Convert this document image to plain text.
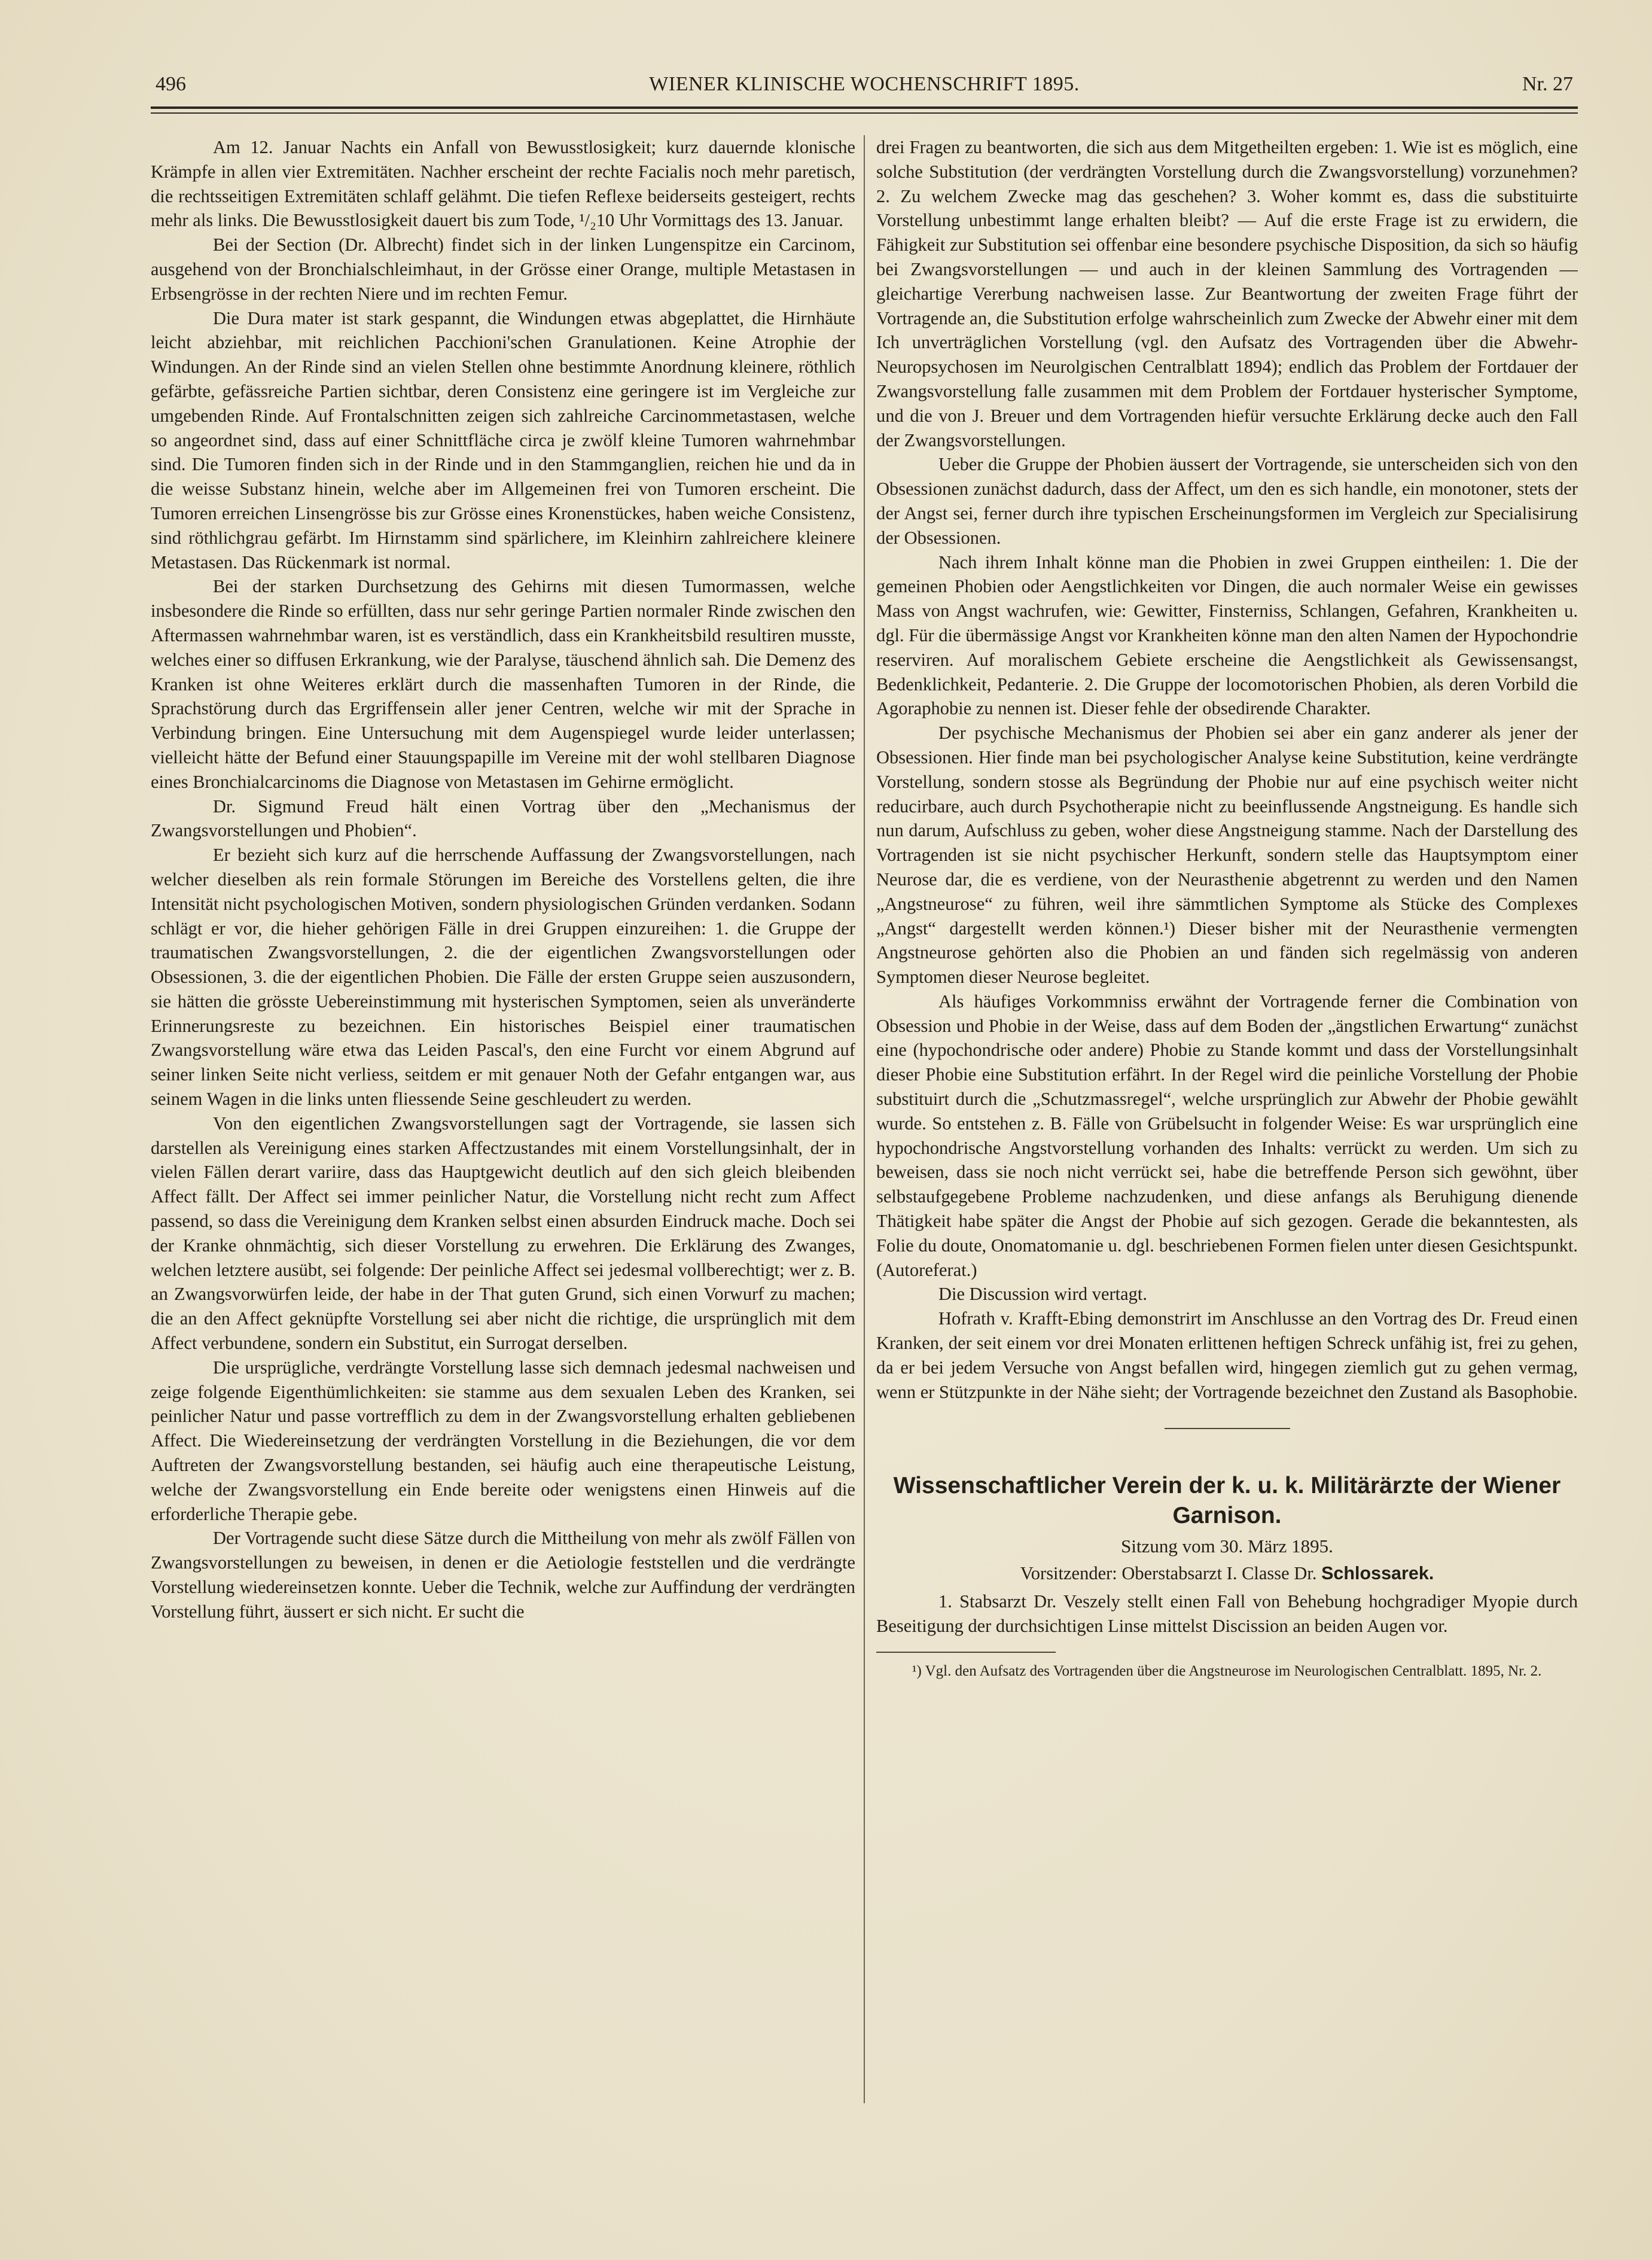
496	WIENER KLINISCHE WOCHENSCHRIFT 1895.	Nr. 27

Am 12. Januar Nachts ein Anfall von Bewusstlosigkeit; kurz dauernde klonische Krämpfe in allen vier Extremitäten. Nachher erscheint der rechte Facialis noch mehr paretisch, die rechtsseitigen Extremitäten schlaff gelähmt. Die tiefen Reflexe beiderseits gesteigert, rechts mehr als links. Die Bewusstlosigkeit dauert bis zum Tode, ¹/₂10 Uhr Vormittags des 13. Januar.

Bei der Section (Dr. Albrecht) findet sich in der linken Lungenspitze ein Carcinom, ausgehend von der Bronchialschleimhaut, in der Grösse einer Orange, multiple Metastasen in Erbsengrösse in der rechten Niere und im rechten Femur.

Die Dura mater ist stark gespannt, die Windungen etwas abgeplattet, die Hirnhäute leicht abziehbar, mit reichlichen Pacchioni'schen Granulationen. Keine Atrophie der Windungen. An der Rinde sind an vielen Stellen ohne bestimmte Anordnung kleinere, röthlich gefärbte, gefässreiche Partien sichtbar, deren Consistenz eine geringere ist im Vergleiche zur umgebenden Rinde. Auf Frontalschnitten zeigen sich zahlreiche Carcinommetastasen, welche so angeordnet sind, dass auf einer Schnittfläche circa je zwölf kleine Tumoren wahrnehmbar sind. Die Tumoren finden sich in der Rinde und in den Stammganglien, reichen hie und da in die weisse Substanz hinein, welche aber im Allgemeinen frei von Tumoren erscheint. Die Tumoren erreichen Linsengrösse bis zur Grösse eines Kronenstückes, haben weiche Consistenz, sind röthlichgrau gefärbt. Im Hirnstamm sind spärlichere, im Kleinhirn zahlreichere kleinere Metastasen. Das Rückenmark ist normal.

Bei der starken Durchsetzung des Gehirns mit diesen Tumormassen, welche insbesondere die Rinde so erfüllten, dass nur sehr geringe Partien normaler Rinde zwischen den Aftermassen wahrnehmbar waren, ist es verständlich, dass ein Krankheitsbild resultiren musste, welches einer so diffusen Erkrankung, wie der Paralyse, täuschend ähnlich sah. Die Demenz des Kranken ist ohne Weiteres erklärt durch die massenhaften Tumoren in der Rinde, die Sprachstörung durch das Ergriffensein aller jener Centren, welche wir mit der Sprache in Verbindung bringen. Eine Untersuchung mit dem Augenspiegel wurde leider unterlassen; vielleicht hätte der Befund einer Stauungspapille im Vereine mit der wohl stellbaren Diagnose eines Bronchialcarcinoms die Diagnose von Metastasen im Gehirne ermöglicht.

Dr. Sigmund Freud hält einen Vortrag über den „Mechanismus der Zwangsvorstellungen und Phobien“.

Er bezieht sich kurz auf die herrschende Auffassung der Zwangsvorstellungen, nach welcher dieselben als rein formale Störungen im Bereiche des Vorstellens gelten, die ihre Intensität nicht psychologischen Motiven, sondern physiologischen Gründen verdanken. Sodann schlägt er vor, die hieher gehörigen Fälle in drei Gruppen einzureihen: 1. die Gruppe der traumatischen Zwangsvorstellungen, 2. die der eigentlichen Zwangsvorstellungen oder Obsessionen, 3. die der eigentlichen Phobien. Die Fälle der ersten Gruppe seien auszusondern, sie hätten die grösste Uebereinstimmung mit hysterischen Symptomen, seien als unveränderte Erinnerungsreste zu bezeichnen. Ein historisches Beispiel einer traumatischen Zwangsvorstellung wäre etwa das Leiden Pascal's, den eine Furcht vor einem Abgrund auf seiner linken Seite nicht verliess, seitdem er mit genauer Noth der Gefahr entgangen war, aus seinem Wagen in die links unten fliessende Seine geschleudert zu werden.

Von den eigentlichen Zwangsvorstellungen sagt der Vortragende, sie lassen sich darstellen als Vereinigung eines starken Affectzustandes mit einem Vorstellungsinhalt, der in vielen Fällen derart variire, dass das Hauptgewicht deutlich auf den sich gleich bleibenden Affect fällt. Der Affect sei immer peinlicher Natur, die Vorstellung nicht recht zum Affect passend, so dass die Vereinigung dem Kranken selbst einen absurden Eindruck mache. Doch sei der Kranke ohnmächtig, sich dieser Vorstellung zu erwehren. Die Erklärung des Zwanges, welchen letztere ausübt, sei folgende: Der peinliche Affect sei jedesmal vollberechtigt; wer z. B. an Zwangsvorwürfen leide, der habe in der That guten Grund, sich einen Vorwurf zu machen; die an den Affect geknüpfte Vorstellung sei aber nicht die richtige, die ursprünglich mit dem Affect verbundene, sondern ein Substitut, ein Surrogat derselben.

Die ursprügliche, verdrängte Vorstellung lasse sich demnach jedesmal nachweisen und zeige folgende Eigenthümlichkeiten: sie stamme aus dem sexualen Leben des Kranken, sei peinlicher Natur und passe vortrefflich zu dem in der Zwangsvorstellung erhalten gebliebenen Affect. Die Wiedereinsetzung der verdrängten Vorstellung in die Beziehungen, die vor dem Auftreten der Zwangsvorstellung bestanden, sei häufig auch eine therapeutische Leistung, welche der Zwangsvorstellung ein Ende bereite oder wenigstens einen Hinweis auf die erforderliche Therapie gebe.

Der Vortragende sucht diese Sätze durch die Mittheilung von mehr als zwölf Fällen von Zwangsvorstellungen zu beweisen, in denen er die Aetiologie feststellen und die verdrängte Vorstellung wiedereinsetzen konnte. Ueber die Technik, welche zur Auffindung der verdrängten Vorstellung führt, äussert er sich nicht. Er sucht die

drei Fragen zu beantworten, die sich aus dem Mitgetheilten ergeben: 1. Wie ist es möglich, eine solche Substitution (der verdrängten Vorstellung durch die Zwangsvorstellung) vorzunehmen? 2. Zu welchem Zwecke mag das geschehen? 3. Woher kommt es, dass die substituirte Vorstellung unbestimmt lange erhalten bleibt? — Auf die erste Frage ist zu erwidern, die Fähigkeit zur Substitution sei offenbar eine besondere psychische Disposition, da sich so häufig bei Zwangsvorstellungen — und auch in der kleinen Sammlung des Vortragenden — gleichartige Vererbung nachweisen lasse. Zur Beantwortung der zweiten Frage führt der Vortragende an, die Substitution erfolge wahrscheinlich zum Zwecke der Abwehr einer mit dem Ich unverträglichen Vorstellung (vgl. den Aufsatz des Vortragenden über die Abwehr-Neuropsychosen im Neurolgischen Centralblatt 1894); endlich das Problem der Fortdauer der Zwangsvorstellung falle zusammen mit dem Problem der Fortdauer hysterischer Symptome, und die von J. Breuer und dem Vortragenden hiefür versuchte Erklärung decke auch den Fall der Zwangsvorstellungen.

Ueber die Gruppe der Phobien äussert der Vortragende, sie unterscheiden sich von den Obsessionen zunächst dadurch, dass der Affect, um den es sich handle, ein monotoner, stets der der Angst sei, ferner durch ihre typischen Erscheinungsformen im Vergleich zur Specialisirung der Obsessionen.

Nach ihrem Inhalt könne man die Phobien in zwei Gruppen eintheilen: 1. Die der gemeinen Phobien oder Aengstlichkeiten vor Dingen, die auch normaler Weise ein gewisses Mass von Angst wachrufen, wie: Gewitter, Finsterniss, Schlangen, Gefahren, Krankheiten u. dgl. Für die übermässige Angst vor Krankheiten könne man den alten Namen der Hypochondrie reserviren. Auf moralischem Gebiete erscheine die Aengstlichkeit als Gewissensangst, Bedenklichkeit, Pedanterie. 2. Die Gruppe der locomotorischen Phobien, als deren Vorbild die Agoraphobie zu nennen ist. Dieser fehle der obsedirende Charakter.

Der psychische Mechanismus der Phobien sei aber ein ganz anderer als jener der Obsessionen. Hier finde man bei psychologischer Analyse keine Substitution, keine verdrängte Vorstellung, sondern stosse als Begründung der Phobie nur auf eine psychisch weiter nicht reducirbare, auch durch Psychotherapie nicht zu beeinflussende Angstneigung. Es handle sich nun darum, Aufschluss zu geben, woher diese Angstneigung stamme. Nach der Darstellung des Vortragenden ist sie nicht psychischer Herkunft, sondern stelle das Hauptsymptom einer Neurose dar, die es verdiene, von der Neurasthenie abgetrennt zu werden und den Namen „Angstneurose“ zu führen, weil ihre sämmtlichen Symptome als Stücke des Complexes „Angst“ dargestellt werden können.¹) Dieser bisher mit der Neurasthenie vermengten Angstneurose gehörten also die Phobien an und fänden sich regelmässig von anderen Symptomen dieser Neurose begleitet.

Als häufiges Vorkommniss erwähnt der Vortragende ferner die Combination von Obsession und Phobie in der Weise, dass auf dem Boden der „ängstlichen Erwartung“ zunächst eine (hypochondrische oder andere) Phobie zu Stande kommt und dass der Vorstellungsinhalt dieser Phobie eine Substitution erfährt. In der Regel wird die peinliche Vorstellung der Phobie substituirt durch die „Schutzmassregel“, welche ursprünglich zur Abwehr der Phobie gewählt wurde. So entstehen z. B. Fälle von Grübelsucht in folgender Weise: Es war ursprünglich eine hypochondrische Angstvorstellung vorhanden des Inhalts: verrückt zu werden. Um sich zu beweisen, dass sie noch nicht verrückt sei, habe die betreffende Person sich gewöhnt, über selbstaufgegebene Probleme nachzudenken, und diese anfangs als Beruhigung dienende Thätigkeit habe später die Angst der Phobie auf sich gezogen. Gerade die bekanntesten, als Folie du doute, Onomatomanie u. dgl. beschriebenen Formen fielen unter diesen Gesichtspunkt. (Autoreferat.)

Die Discussion wird vertagt.

Hofrath v. Krafft-Ebing demonstrirt im Anschlusse an den Vortrag des Dr. Freud einen Kranken, der seit einem vor drei Monaten erlittenen heftigen Schreck unfähig ist, frei zu gehen, da er bei jedem Versuche von Angst befallen wird, hingegen ziemlich gut zu gehen vermag, wenn er Stützpunkte in der Nähe sieht; der Vortragende bezeichnet den Zustand als Basophobie.

Wissenschaftlicher Verein der k. u. k. Militärärzte der Wiener Garnison.
Sitzung vom 30. März 1895.
Vorsitzender: Oberstabsarzt I. Classe Dr. Schlossarek.

1. Stabsarzt Dr. Veszely stellt einen Fall von Behebung hochgradiger Myopie durch Beseitigung der durchsichtigen Linse mittelst Discission an beiden Augen vor.

¹) Vgl. den Aufsatz des Vortragenden über die Angstneurose im Neurologischen Centralblatt. 1895, Nr. 2.
